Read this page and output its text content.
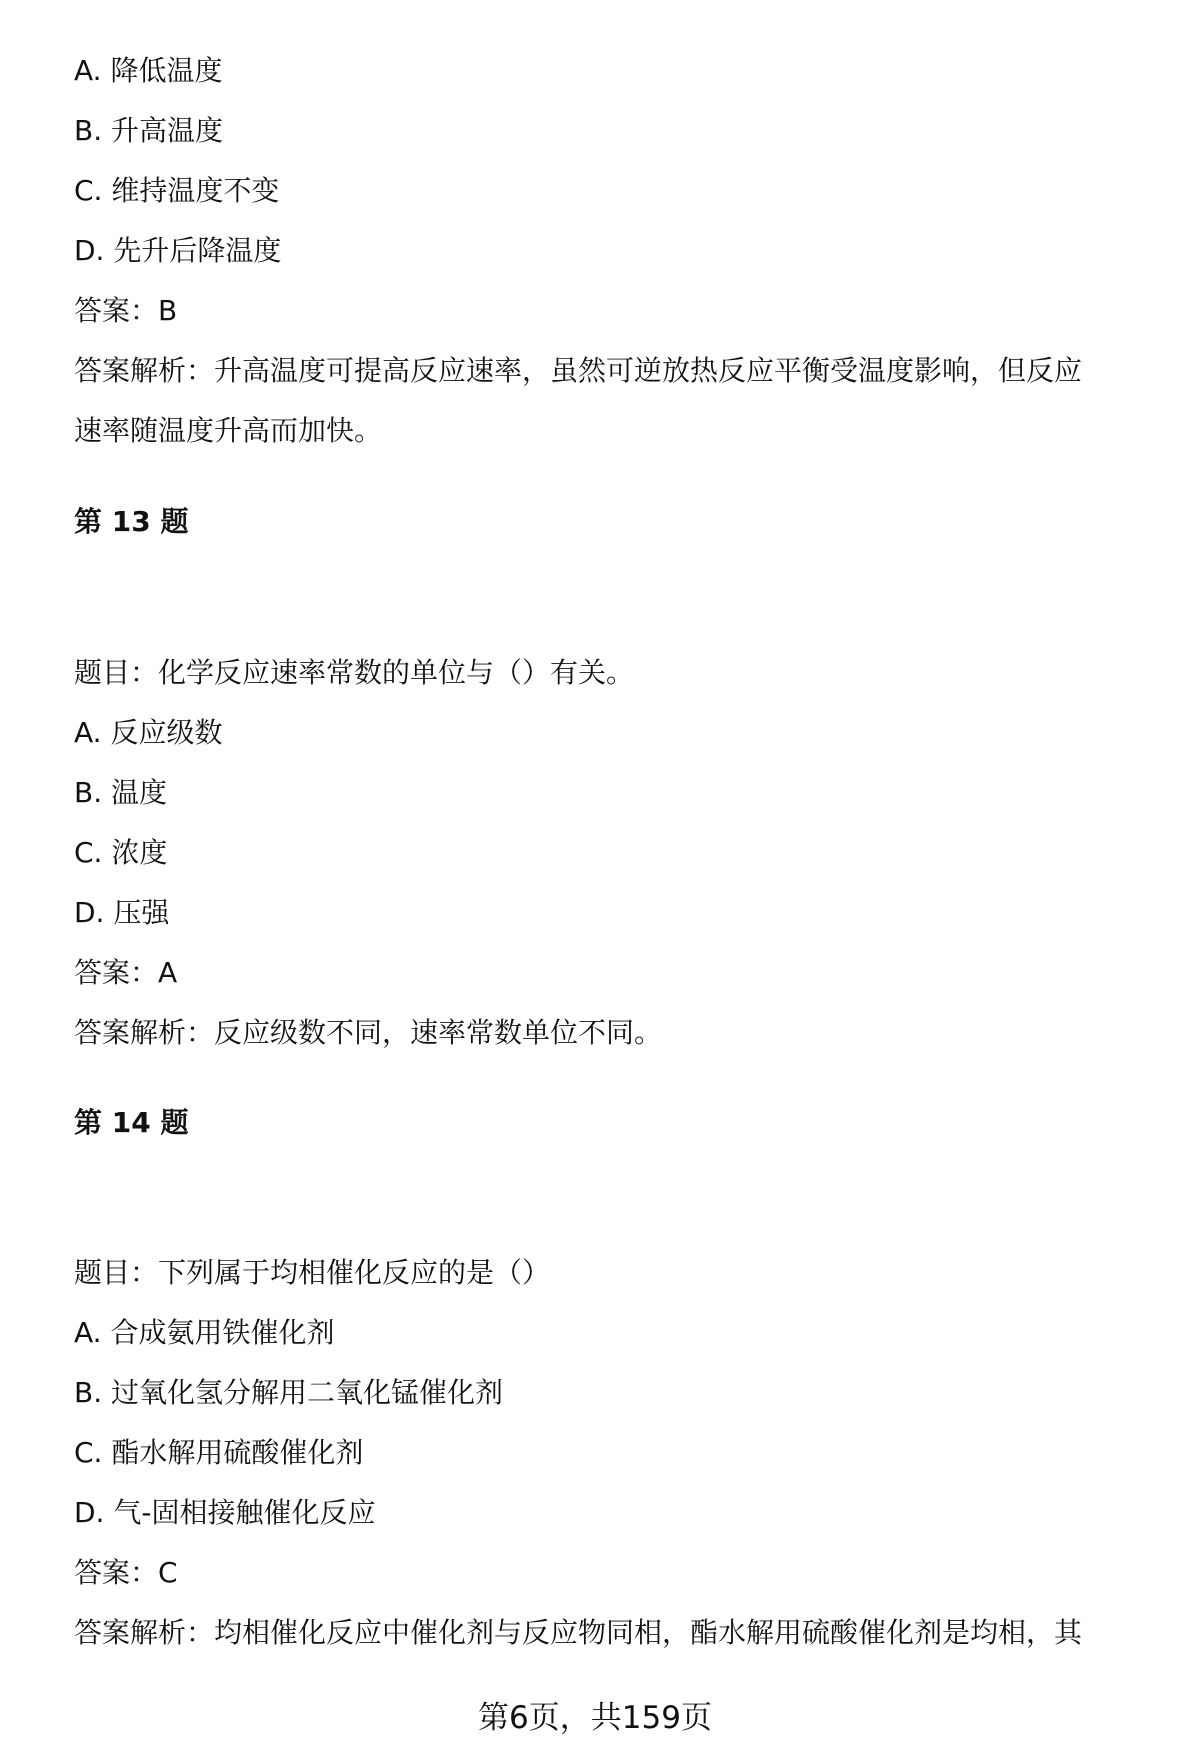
A. 降低温度
B. 升高温度
C. 维持温度不变
D. 先升后降温度
答案：B
答案解析：升高温度可提高反应速率，虽然可逆放热反应平衡受温度影响，但反应
速率随温度升高而加快。
第 13 题
题目：化学反应速率常数的单位与（）有关。
A. 反应级数
B. 温度
C. 浓度
D. 压强
答案：A
答案解析：反应级数不同，速率常数单位不同。
第 14 题
题目：下列属于均相催化反应的是（）
A. 合成氨用铁催化剂
B. 过氧化氢分解用二氧化锰催化剂
C. 酯水解用硫酸催化剂
D. 气-固相接触催化反应
答案：C
答案解析：均相催化反应中催化剂与反应物同相，酯水解用硫酸催化剂是均相，其
第6页，共159页
